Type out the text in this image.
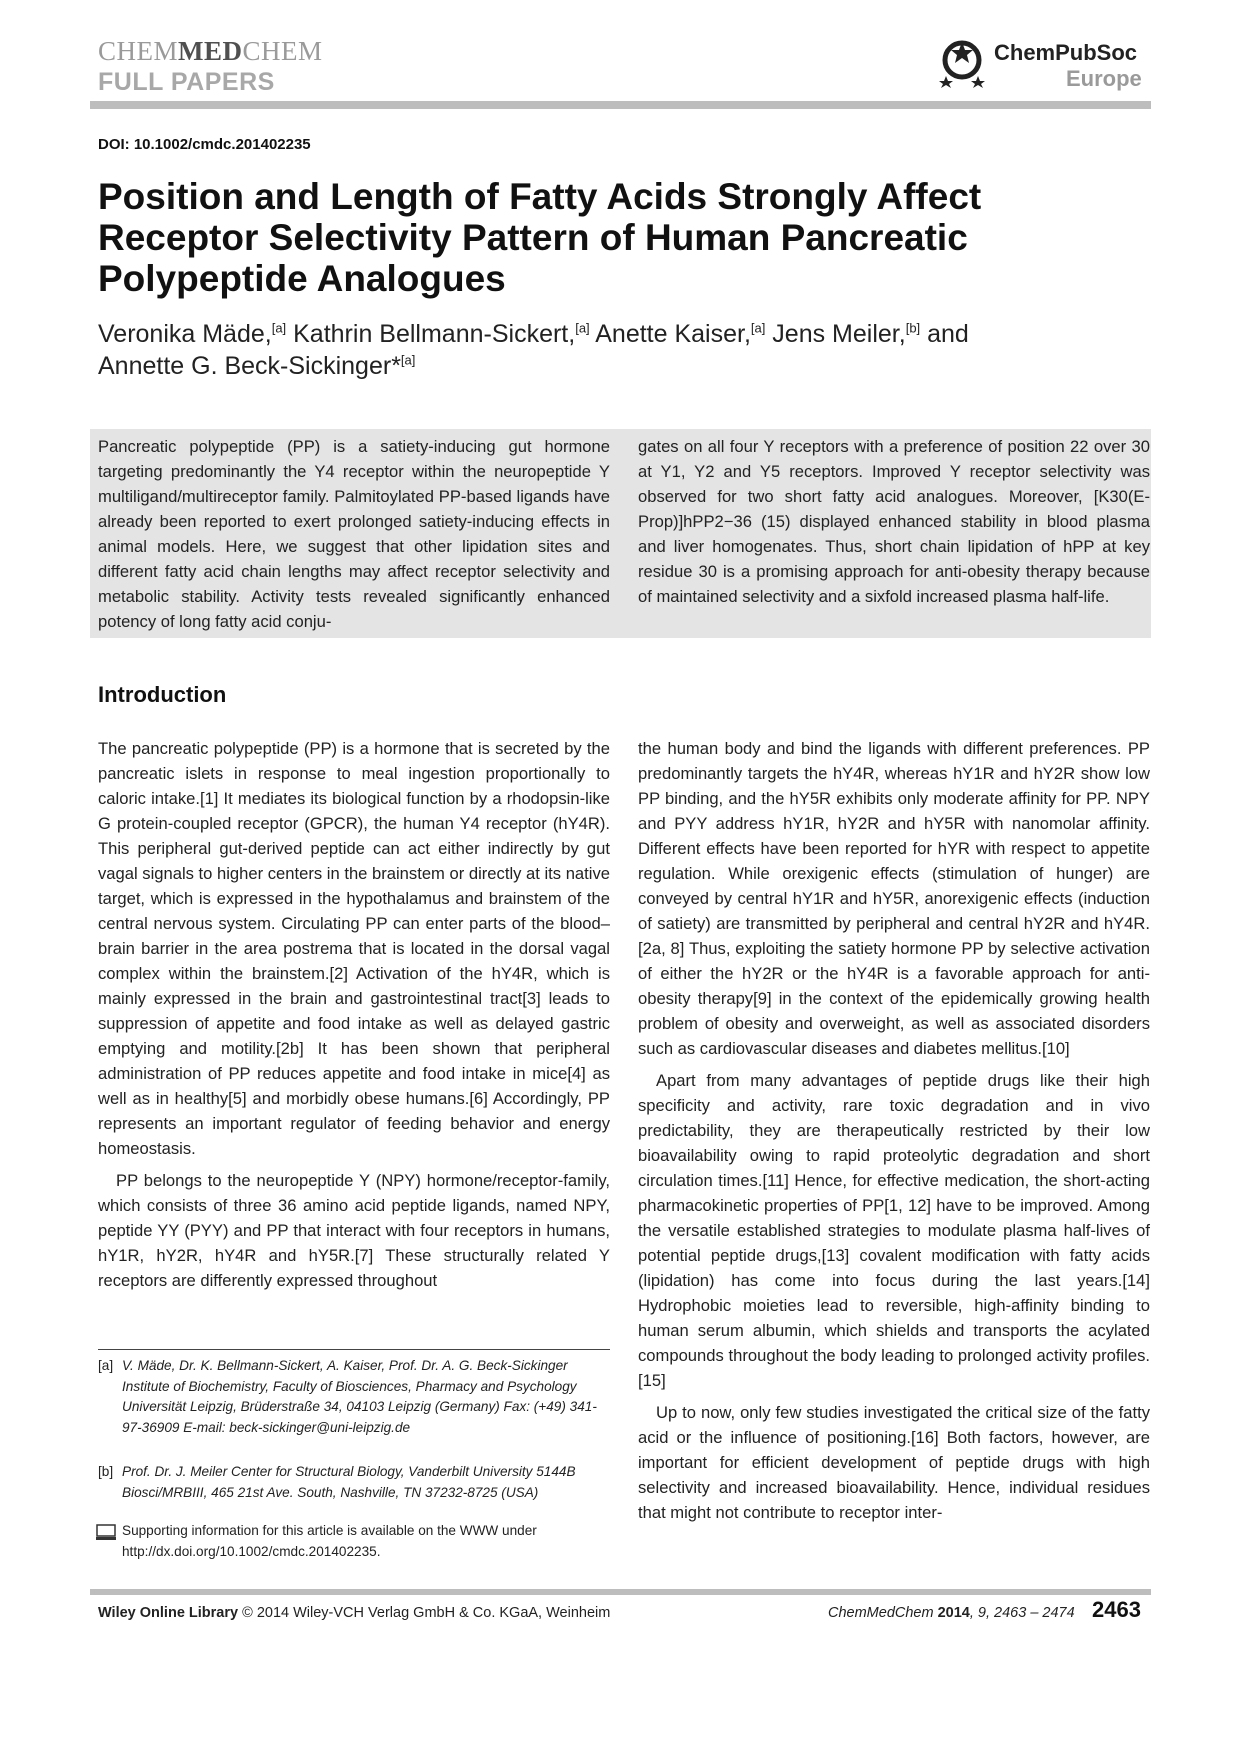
CHEMMEDCHEM
FULL PAPERS
ChemPubSoc
Europe
DOI: 10.1002/cmdc.201402235
Position and Length of Fatty Acids Strongly Affect Receptor Selectivity Pattern of Human Pancreatic Polypeptide Analogues
Veronika Mäde,[a] Kathrin Bellmann-Sickert,[a] Anette Kaiser,[a] Jens Meiler,[b] and
Annette G. Beck-Sickinger*[a]
Pancreatic polypeptide (PP) is a satiety-inducing gut hormone targeting predominantly the Y4 receptor within the neuropeptide Y multiligand/multireceptor family. Palmitoylated PP-based ligands have already been reported to exert prolonged satiety-inducing effects in animal models. Here, we suggest that other lipidation sites and different fatty acid chain lengths may affect receptor selectivity and metabolic stability. Activity tests revealed significantly enhanced potency of long fatty acid conju-
gates on all four Y receptors with a preference of position 22 over 30 at Y1, Y2 and Y5 receptors. Improved Y receptor selectivity was observed for two short fatty acid analogues. Moreover, [K30(E-Prop)]hPP2−36 (15) displayed enhanced stability in blood plasma and liver homogenates. Thus, short chain lipidation of hPP at key residue 30 is a promising approach for anti-obesity therapy because of maintained selectivity and a sixfold increased plasma half-life.
Introduction

The pancreatic polypeptide (PP) is a hormone that is secreted by the pancreatic islets in response to meal ingestion proportionally to caloric intake.[1] It mediates its biological function by a rhodopsin-like G protein-coupled receptor (GPCR), the human Y4 receptor (hY4R). This peripheral gut-derived peptide can act either indirectly by gut vagal signals to higher centers in the brainstem or directly at its native target, which is expressed in the hypothalamus and brainstem of the central nervous system. Circulating PP can enter parts of the blood–brain barrier in the area postrema that is located in the dorsal vagal complex within the brainstem.[2] Activation of the hY4R, which is mainly expressed in the brain and gastrointestinal tract[3] leads to suppression of appetite and food intake as well as delayed gastric emptying and motility.[2b] It has been shown that peripheral administration of PP reduces appetite and food intake in mice[4] as well as in healthy[5] and morbidly obese humans.[6] Accordingly, PP represents an important regulator of feeding behavior and energy homeostasis.

PP belongs to the neuropeptide Y (NPY) hormone/receptor-family, which consists of three 36 amino acid peptide ligands, named NPY, peptide YY (PYY) and PP that interact with four receptors in humans, hY1R, hY2R, hY4R and hY5R.[7] These structurally related Y receptors are differently expressed throughout

the human body and bind the ligands with different preferences. PP predominantly targets the hY4R, whereas hY1R and hY2R show low PP binding, and the hY5R exhibits only moderate affinity for PP. NPY and PYY address hY1R, hY2R and hY5R with nanomolar affinity. Different effects have been reported for hYR with respect to appetite regulation. While orexigenic effects (stimulation of hunger) are conveyed by central hY1R and hY5R, anorexigenic effects (induction of satiety) are transmitted by peripheral and central hY2R and hY4R.[2a, 8] Thus, exploiting the satiety hormone PP by selective activation of either the hY2R or the hY4R is a favorable approach for anti-obesity therapy[9] in the context of the epidemically growing health problem of obesity and overweight, as well as associated disorders such as cardiovascular diseases and diabetes mellitus.[10]

Apart from many advantages of peptide drugs like their high specificity and activity, rare toxic degradation and in vivo predictability, they are therapeutically restricted by their low bioavailability owing to rapid proteolytic degradation and short circulation times.[11] Hence, for effective medication, the short-acting pharmacokinetic properties of PP[1, 12] have to be improved. Among the versatile established strategies to modulate plasma half-lives of potential peptide drugs,[13] covalent modification with fatty acids (lipidation) has come into focus during the last years.[14] Hydrophobic moieties lead to reversible, high-affinity binding to human serum albumin, which shields and transports the acylated compounds throughout the body leading to prolonged activity profiles.[15]

Up to now, only few studies investigated the critical size of the fatty acid or the influence of positioning.[16] Both factors, however, are important for efficient development of peptide drugs with high selectivity and increased bioavailability. Hence, individual residues that might not contribute to receptor inter-

[a] V. Mäde, Dr. K. Bellmann-Sickert, A. Kaiser, Prof. Dr. A. G. Beck-Sickinger Institute of Biochemistry, Faculty of Biosciences, Pharmacy and Psychology Universität Leipzig, Brüderstraße 34, 04103 Leipzig (Germany) Fax: (+49) 341-97-36909 E-mail: beck-sickinger@uni-leipzig.de
[b] Prof. Dr. J. Meiler Center for Structural Biology, Vanderbilt University 5144B Biosci/MRBIII, 465 21st Ave. South, Nashville, TN 37232-8725 (USA)
Supporting information for this article is available on the WWW under http://dx.doi.org/10.1002/cmdc.201402235.
Wiley Online Library © 2014 Wiley-VCH Verlag GmbH & Co. KGaA, Weinheim	ChemMedChem 2014, 9, 2463 – 2474 2463
